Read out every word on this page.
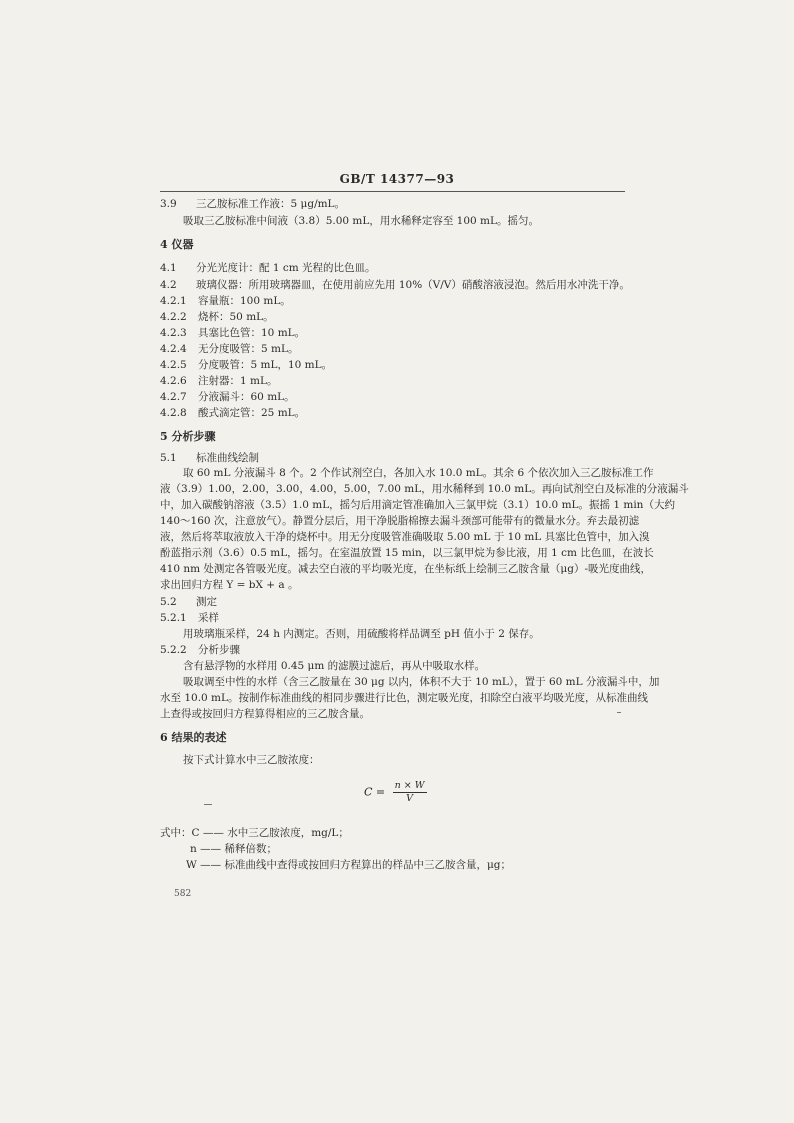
GB/T 14377—93
3.9 三乙胺标准工作液：5 μg/mL。
吸取三乙胺标准中间液（3.8）5.00 mL，用水稀释定容至 100 mL。摇匀。
4 仪器
4.1 分光光度计：配 1 cm 光程的比色皿。
4.2 玻璃仪器：所用玻璃器皿，在使用前应先用 10%（V/V）硝酸溶液浸泡。然后用水冲洗干净。
4.2.1 容量瓶：100 mL。
4.2.2 烧杯：50 mL。
4.2.3 具塞比色管：10 mL。
4.2.4 无分度吸管：5 mL。
4.2.5 分度吸管：5 mL，10 mL。
4.2.6 注射器：1 mL。
4.2.7 分液漏斗：60 mL。
4.2.8 酸式滴定管：25 mL。
5 分析步骤
5.1 标准曲线绘制
取 60 mL 分液漏斗 8 个。2 个作试剂空白，各加入水 10.0 mL。其余 6 个依次加入三乙胺标准工作
液（3.9）1.00，2.00，3.00，4.00，5.00，7.00 mL，用水稀释到 10.0 mL。再向试剂空白及标准的分液漏斗
中，加入碳酸钠溶液（3.5）1.0 mL，摇匀后用滴定管准确加入三氯甲烷（3.1）10.0 mL。振摇 1 min（大约
140～160 次，注意放气）。静置分层后，用干净脱脂棉擦去漏斗颈部可能带有的微量水分。弃去最初滤
液，然后将萃取液放入干净的烧杯中。用无分度吸管准确吸取 5.00 mL 于 10 mL 具塞比色管中，加入溴
酚蓝指示剂（3.6）0.5 mL，摇匀。在室温放置 15 min，以三氯甲烷为参比液，用 1 cm 比色皿，在波长
410 nm 处测定各管吸光度。减去空白液的平均吸光度，在坐标纸上绘制三乙胺含量（μg）-吸光度曲线，
求出回归方程 Y = bX + a 。
5.2 测定
5.2.1 采样
用玻璃瓶采样，24 h 内测定。否则，用硫酸将样品调至 pH 值小于 2 保存。
5.2.2 分析步骤
含有悬浮物的水样用 0.45 μm 的滤膜过滤后，再从中吸取水样。
吸取调至中性的水样（含三乙胺量在 30 μg 以内，体积不大于 10 mL），置于 60 mL 分液漏斗中，加
水至 10.0 mL。按制作标准曲线的相同步骤进行比色，测定吸光度，扣除空白液平均吸光度，从标准曲线
上查得或按回归方程算得相应的三乙胺含量。
6 结果的表述
按下式计算水中三乙胺浓度：
$C = \frac{n \times W}{V}$
式中：C —— 水中三乙胺浓度，mg/L；
n —— 稀释倍数；
W —— 标准曲线中查得或按回归方程算出的样品中三乙胺含量，μg；
582
